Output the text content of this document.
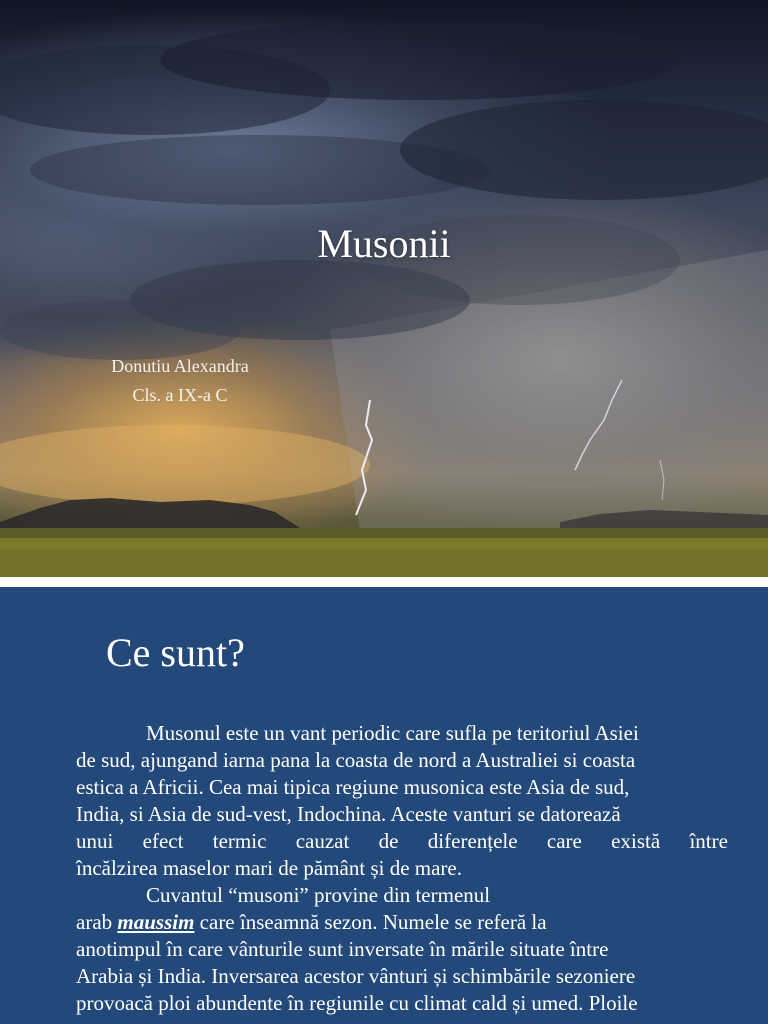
Musonii
Donutiu Alexandra
Cls. a IX-a C
Ce sunt?
Musonul este un vant periodic care sufla pe teritoriul Asiei
de sud, ajungand iarna pana la coasta de nord a Australiei si coasta
estica a Africii. Cea mai tipica regiune musonica este Asia de sud,
India, si Asia de sud-vest, Indochina. Aceste vanturi se datorează
unui efect termic cauzat de diferențele care există între
încălzirea maselor mari de pământ și de mare.
Cuvantul “musoni” provine din termenul
arab maussim care înseamnă sezon. Numele se referă la
anotimpul în care vânturile sunt inversate în mările situate între
Arabia și India. Inversarea acestor vânturi și schimbările sezoniere
provoacă ploi abundente în regiunile cu climat cald și umed. Ploile
